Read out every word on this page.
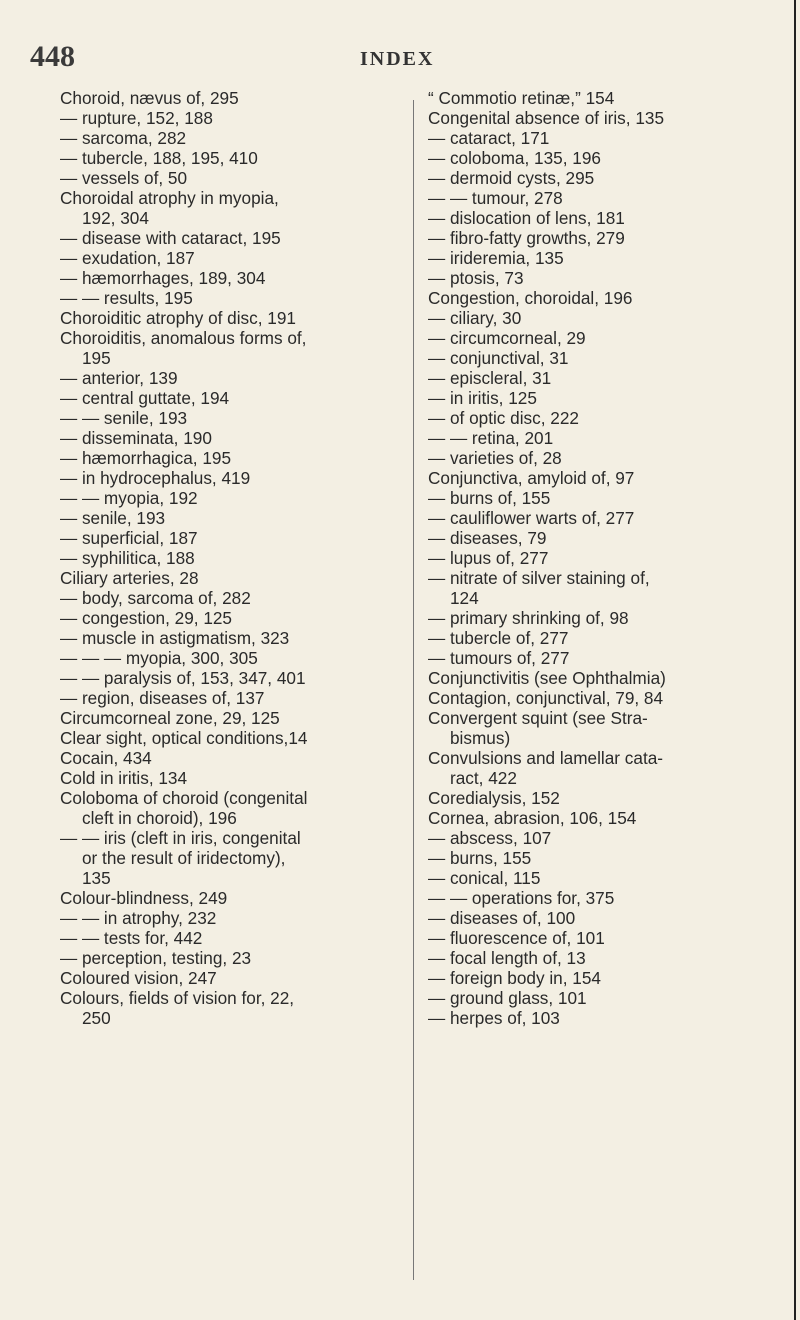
448	INDEX
Choroid, nævus of, 295
— rupture, 152, 188
— sarcoma, 282
— tubercle, 188, 195, 410
— vessels of, 50
Choroidal atrophy in myopia,
192, 304
— disease with cataract, 195
— exudation, 187
— hæmorrhages, 189, 304
— — results, 195
Choroiditic atrophy of disc, 191
Choroiditis, anomalous forms of,
195
— anterior, 139
— central guttate, 194
— — senile, 193
— disseminata, 190
— hæmorrhagica, 195
— in hydrocephalus, 419
— — myopia, 192
— senile, 193
— superficial, 187
— syphilitica, 188
Ciliary arteries, 28
— body, sarcoma of, 282
— congestion, 29, 125
— muscle in astigmatism, 323
— — — myopia, 300, 305
— — paralysis of, 153, 347, 401
— region, diseases of, 137
Circumcorneal zone, 29, 125
Clear sight, optical conditions,14
Cocain, 434
Cold in iritis, 134
Coloboma of choroid (congenital
cleft in choroid), 196
— — iris (cleft in iris, congenital
or the result of iridectomy),
135
Colour-blindness, 249
— — in atrophy, 232
— — tests for, 442
— perception, testing, 23
Coloured vision, 247
Colours, fields of vision for, 22,
250
“ Commotio retinæ,” 154
Congenital absence of iris, 135
— cataract, 171
— coloboma, 135, 196
— dermoid cysts, 295
— — tumour, 278
— dislocation of lens, 181
— fibro-fatty growths, 279
— irideremia, 135
— ptosis, 73
Congestion, choroidal, 196
— ciliary, 30
— circumcorneal, 29
— conjunctival, 31
— episcleral, 31
— in iritis, 125
— of optic disc, 222
— — retina, 201
— varieties of, 28
Conjunctiva, amyloid of, 97
— burns of, 155
— cauliflower warts of, 277
— diseases, 79
— lupus of, 277
— nitrate of silver staining of,
124
— primary shrinking of, 98
— tubercle of, 277
— tumours of, 277
Conjunctivitis (see Ophthalmia)
Contagion, conjunctival, 79, 84
Convergent squint (see Stra-
bismus)
Convulsions and lamellar cata-
ract, 422
Coredialysis, 152
Cornea, abrasion, 106, 154
— abscess, 107
— burns, 155
— conical, 115
— — operations for, 375
— diseases of, 100
— fluorescence of, 101
— focal length of, 13
— foreign body in, 154
— ground glass, 101
— herpes of, 103
